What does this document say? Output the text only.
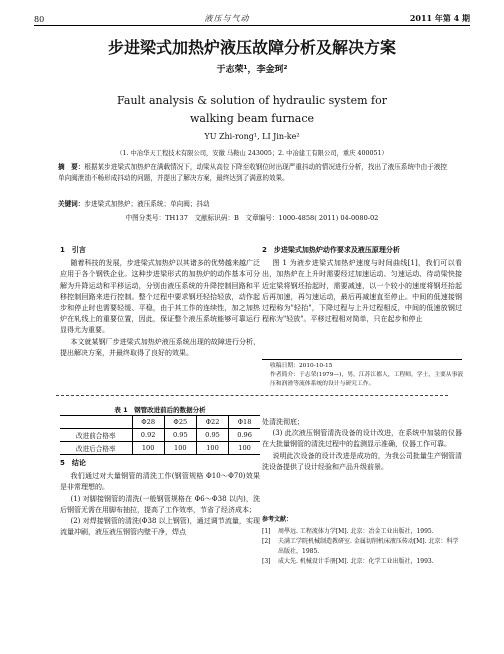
80	液压与气动	2011 年第 4 期
步进梁式加热炉液压故障分析及解决方案
于志荣¹，李金珂²
Fault analysis & solution of hydraulic system for
walking beam furnace
YU Zhi-rong¹, LI Jin-ke²
（1. 中冶华天工程技术有限公司，安徽 马鞍山 243005；2. 中冶建工有限公司，重庆 400051）
摘　要：根据某步进梁式加热炉在满载情况下，动梁从高位下降至收钢位时出现严重抖动的情况进行分析，找出了液压系统中由于液控单向阀泄油不畅形成抖动的问题，并提出了解决方案，最终达到了满意的效果。
关键词：步进梁式加热炉；液压系统；单向阀；抖动
中图分类号：TH137　文献标识码：B　文章编号：1000-4858( 2011) 04-0080-02
1　引言

随着科技的发展，步进梁式加热炉以其诸多的优势越来越广泛应用于各个钢铁企业。这种步进梁形式的加热炉的动作基本可分解为升降运动和平移运动，分别由液压系统的升降控制回路和平移控制回路来进行控制。整个过程中要求钢坯轻拾轻放，动作起步和停止时也需要轻缓、平稳，由于其工作的连续性，加之加热炉在轧线上的重要位置，因此，保证整个液压系统能够可靠运行显得尤为重要。

本文就某钢厂步进梁式加热炉液压系统出现的故障进行分析，提出解决方案，并最终取得了良好的效果。

2　步进梁式加热炉动作要求及液压原理分析

图 1 为液步进梁式加热炉速度与时间曲线[1]，我们可以看出，加热炉在上升时需要经过加速运动、匀速运动、待动梁快接近定梁将钢坯抬起时，需要减速，以一个较小的速度将钢坯抬起后再加速，再匀速运动，最后再减速直至停止。中间的低速接钢过程称为"轻抬"，下降过程与上升过程相反，中间的低速放钢过程称为"轻放"。平移过程相对简单，只在起步和停止

收稿日期：2010-10-15
作者简介：于志荣(1979—)，男，江苏江都人，工程师，学士，主要从事液压和润滑等流体系统的设计与研究工作。
表 1　钢管改进前后的数据分析
	Φ28	Φ25	Φ22	Φ18
改进前合格率	0.92	0.95	0.95	0.96
改进后合格率	100	100	100	100
5　结论

我们通过对大量钢管的清洗工作(钢管规格 Φ10～Φ70)效果是非常理想的。

(1) 对脚接钢管的清洗(一般钢管规格在 Φ6～Φ38 以内)，洗后钢管无需在用脚布抽拉，提高了工作效率，节省了经济成本；

(2) 对焊接钢管的清洗(Φ38 以上钢管)，通过调节流量，实现流量冲刷，液压液压钢管内壁干净，焊点

处清洗彻底；

(3) 此次液压钢管清洗设备的设计改进，在系统中加装的仪器在大批量钢管的清洗过程中的监测显示准确，仪器工作可靠。

说明此次设备的设计改进是成功的，为我公司批量生产钢管清洗设备提供了设计经验和产品升级前景。

参考文献：
[1]	周學远. 工程流体力学[M]. 北京：冶金工业出版社，1995.
[2]	夫满工学院机械制造教研室. 金属切削机床液压传动[M]. 北京：科学出版社，1985.
[3]	成大先. 机械设计手册[M]. 北京：化学工业出版社，1993.
